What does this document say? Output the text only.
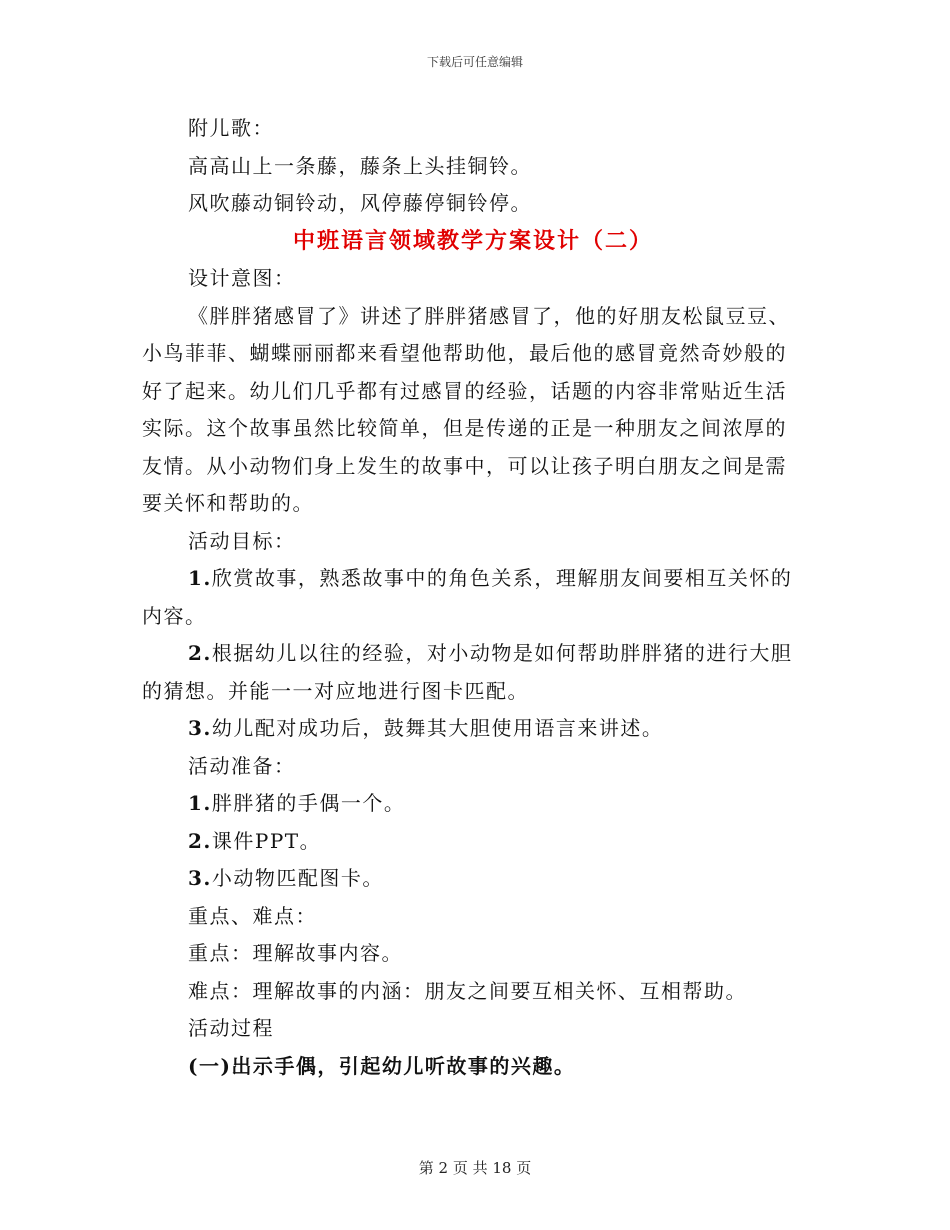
下载后可任意编辑

附儿歌：

高高山上一条藤，藤条上头挂铜铃。

风吹藤动铜铃动，风停藤停铜铃停。

中班语言领域教学方案设计（二）

设计意图：

《胖胖猪感冒了》讲述了胖胖猪感冒了，他的好朋友松鼠豆豆、小鸟菲菲、蝴蝶丽丽都来看望他帮助他，最后他的感冒竟然奇妙般的好了起来。幼儿们几乎都有过感冒的经验，话题的内容非常贴近生活实际。这个故事虽然比较简单，但是传递的正是一种朋友之间浓厚的友情。从小动物们身上发生的故事中，可以让孩子明白朋友之间是需要关怀和帮助的。

活动目标：

1.欣赏故事，熟悉故事中的角色关系，理解朋友间要相互关怀的内容。

2.根据幼儿以往的经验，对小动物是如何帮助胖胖猪的进行大胆的猜想。并能一一对应地进行图卡匹配。

3.幼儿配对成功后，鼓舞其大胆使用语言来讲述。

活动准备：

1.胖胖猪的手偶一个。

2.课件PPT。

3.小动物匹配图卡。

重点、难点：

重点：理解故事内容。

难点：理解故事的内涵：朋友之间要互相关怀、互相帮助。

活动过程

(一)出示手偶，引起幼儿听故事的兴趣。

第 2 页 共 18 页
